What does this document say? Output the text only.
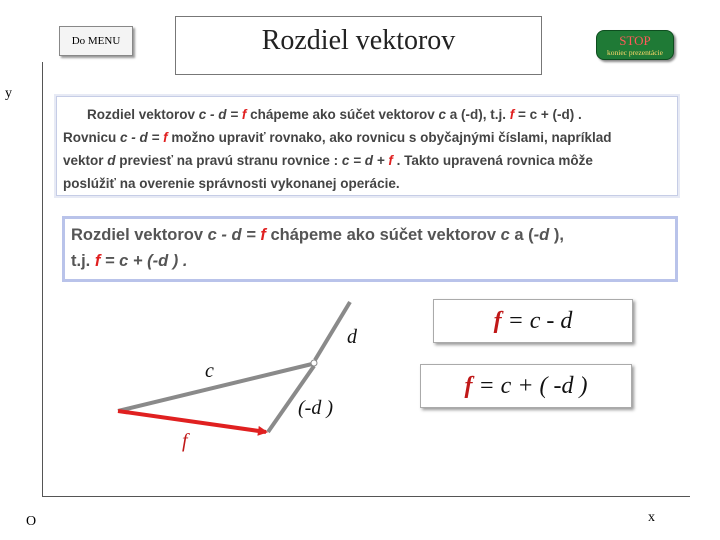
y
x
O
Do MENU	Rozdiel vektorov	STOP
koniec prezentácie

Rozdiel vektorov c - d = f chápeme ako súčet vektorov c a (-d), t.j. f = c + (-d) .

Rovnicu c - d = f možno upraviť rovnako, ako rovnicu s obyčajnými číslami, napríklad

vektor d previesť na pravú stranu rovnice : c = d + f . Takto upravená rovnica môže

poslúžiť na overenie správnosti vykonanej operácie.

Rozdiel vektorov c - d = f chápeme ako súčet vektorov c a (-d ),

t.j. f = c + (-d ) .

d
c
(-d )
f
f = c - d
f = c + ( -d )
